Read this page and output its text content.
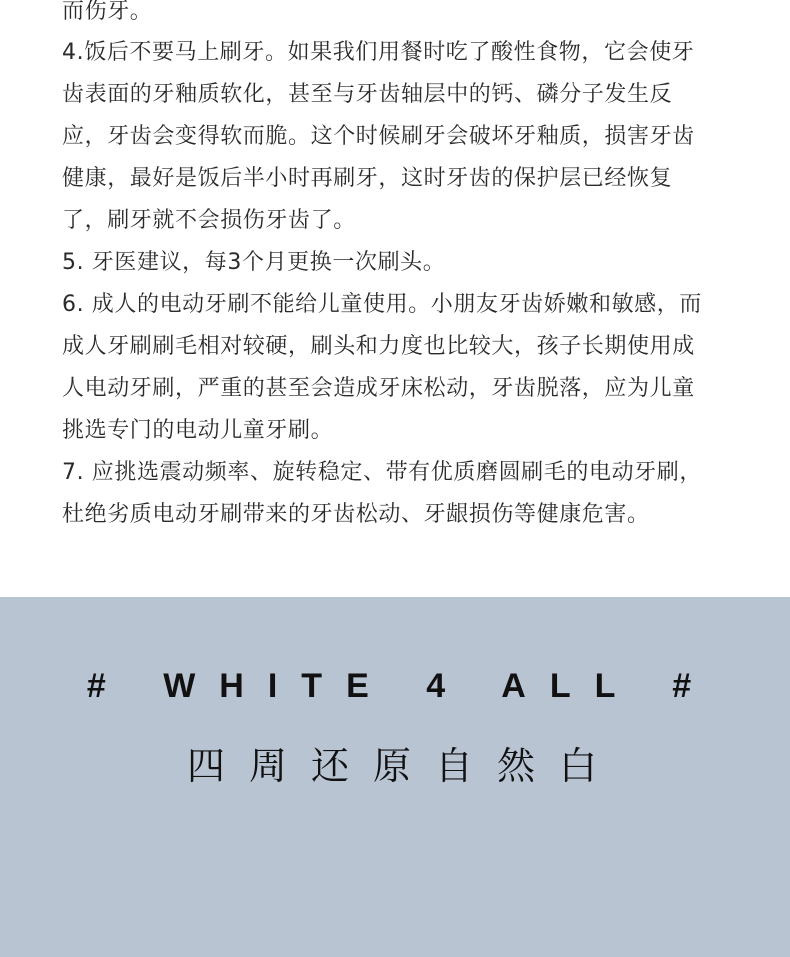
而伤牙。
4.饭后不要马上刷牙。如果我们用餐时吃了酸性食物，它会使牙
齿表面的牙釉质软化，甚至与牙齿轴层中的钙、磷分子发生反
应，牙齿会变得软而脆。这个时候刷牙会破坏牙釉质，损害牙齿
健康，最好是饭后半小时再刷牙，这时牙齿的保护层已经恢复
了，刷牙就不会损伤牙齿了。
5. 牙医建议，每3个月更换一次刷头。
6. 成人的电动牙刷不能给儿童使用。小朋友牙齿娇嫩和敏感，而
成人牙刷刷毛相对较硬，刷头和力度也比较大，孩子长期使用成
人电动牙刷，严重的甚至会造成牙床松动，牙齿脱落，应为儿童
挑选专门的电动儿童牙刷。
7. 应挑选震动频率、旋转稳定、带有优质磨圆刷毛的电动牙刷，
杜绝劣质电动牙刷带来的牙齿松动、牙龈损伤等健康危害。
# WHITE 4 ALL #
四周还原自然白
